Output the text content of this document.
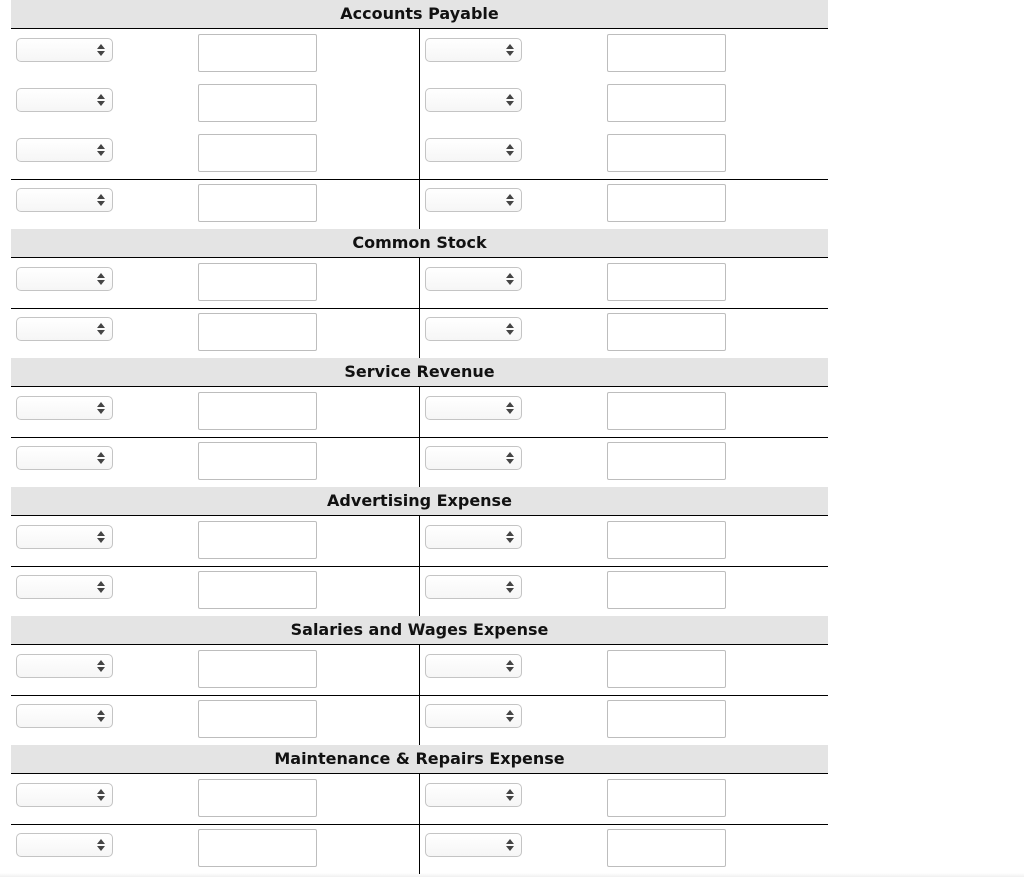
Accounts Payable
Common Stock
Service Revenue
Advertising Expense
Salaries and Wages Expense
Maintenance & Repairs Expense
